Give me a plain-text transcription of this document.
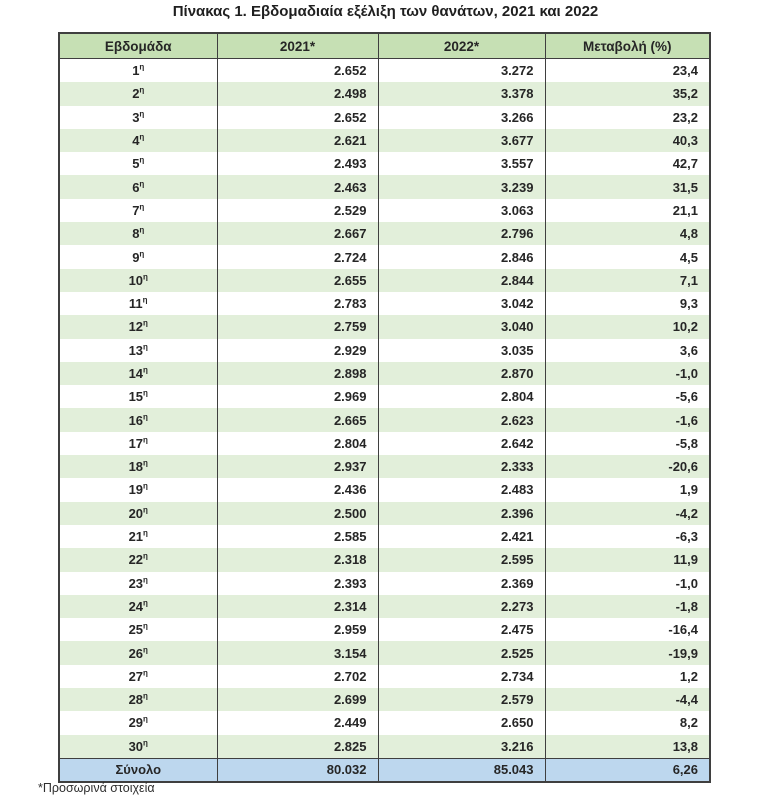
Πίνακας 1. Εβδομαδιαία εξέλιξη των θανάτων, 2021 και 2022
Εβδομάδα	2021*	2022*	Μεταβολή (%)
$1^\eta$	2.652	3.272	23,4
$2^\eta$	2.498	3.378	35,2
$3^\eta$	2.652	3.266	23,2
$4^\eta$	2.621	3.677	40,3
$5^\eta$	2.493	3.557	42,7
$6^\eta$	2.463	3.239	31,5
$7^\eta$	2.529	3.063	21,1
$8^\eta$	2.667	2.796	4,8
$9^\eta$	2.724	2.846	4,5
$10^\eta$	2.655	2.844	7,1
$11^\eta$	2.783	3.042	9,3
$12^\eta$	2.759	3.040	10,2
$13^\eta$	2.929	3.035	3,6
$14^\eta$	2.898	2.870	-1,0
$15^\eta$	2.969	2.804	-5,6
$16^\eta$	2.665	2.623	-1,6
$17^\eta$	2.804	2.642	-5,8
$18^\eta$	2.937	2.333	-20,6
$19^\eta$	2.436	2.483	1,9
$20^\eta$	2.500	2.396	-4,2
$21^\eta$	2.585	2.421	-6,3
$22^\eta$	2.318	2.595	11,9
$23^\eta$	2.393	2.369	-1,0
$24^\eta$	2.314	2.273	-1,8
$25^\eta$	2.959	2.475	-16,4
$26^\eta$	3.154	2.525	-19,9
$27^\eta$	2.702	2.734	1,2
$28^\eta$	2.699	2.579	-4,4
$29^\eta$	2.449	2.650	8,2
$30^\eta$	2.825	3.216	13,8
Σύνολο	80.032	85.043	6,26
*Προσωρινά στοιχεία
